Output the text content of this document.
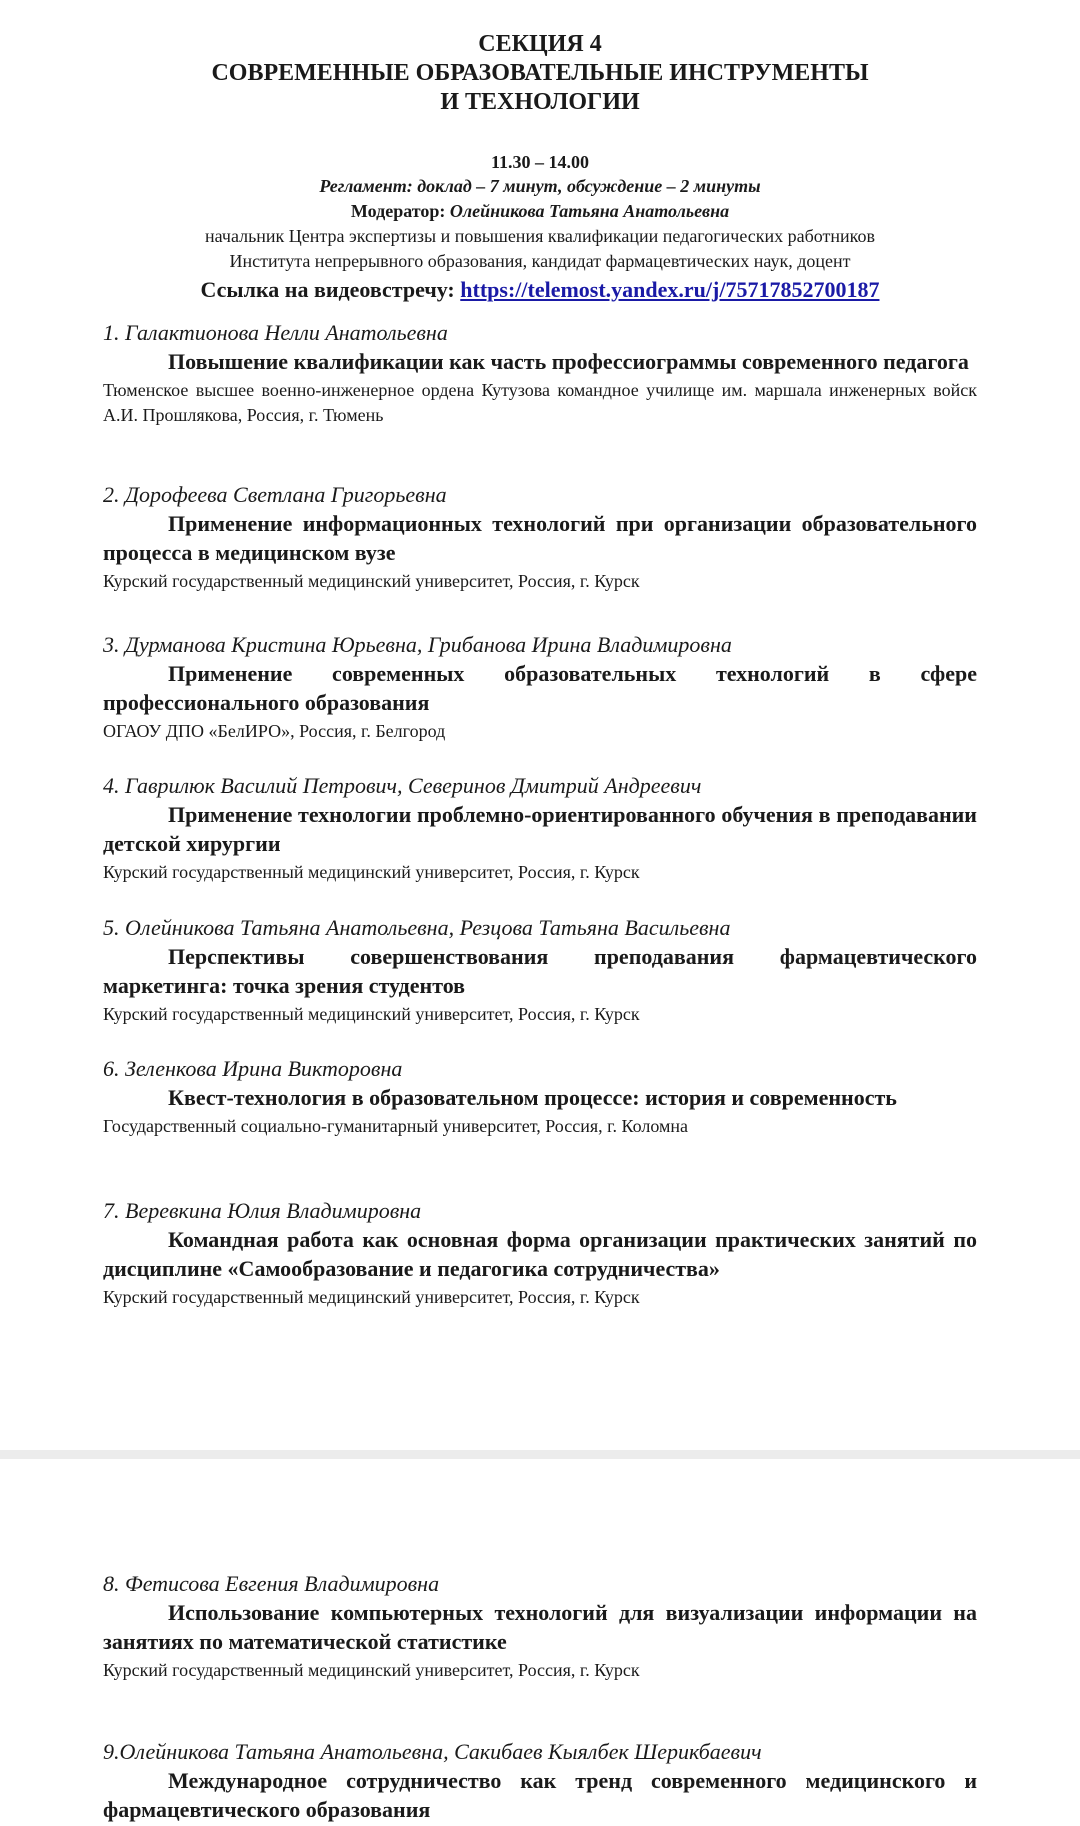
СЕКЦИЯ 4
СОВРЕМЕННЫЕ ОБРАЗОВАТЕЛЬНЫЕ ИНСТРУМЕНТЫ
И ТЕХНОЛОГИИ
11.30 – 14.00
Регламент: доклад – 7 минут, обсуждение – 2 минуты
Модератор: Олейникова Татьяна Анатольевна
начальник Центра экспертизы и повышения квалификации педагогических работников
Института непрерывного образования, кандидат фармацевтических наук, доцент
Ссылка на видеовстречу: https://telemost.yandex.ru/j/75717852700187
1. Галактионова Нелли Анатольевна
Повышение квалификации как часть профессиограммы современного педагога
Тюменское высшее военно-инженерное ордена Кутузова командное училище им. маршала инженерных войск А.И. Прошлякова, Россия, г. Тюмень
2. Дорофеева Светлана Григорьевна
Применение информационных технологий при организации образовательного процесса в медицинском вузе
Курский государственный медицинский университет, Россия, г. Курск
3. Дурманова Кристина Юрьевна, Грибанова Ирина Владимировна
Применение современных образовательных технологий в сфере профессионального образования
ОГАОУ ДПО «БелИРО», Россия, г. Белгород
4. Гаврилюк Василий Петрович, Северинов Дмитрий Андреевич
Применение технологии проблемно-ориентированного обучения в преподавании детской хирургии
Курский государственный медицинский университет, Россия, г. Курск
5. Олейникова Татьяна Анатольевна, Резцова Татьяна Васильевна
Перспективы совершенствования преподавания фармацевтического маркетинга: точка зрения студентов
Курский государственный медицинский университет, Россия, г. Курск
6. Зеленкова Ирина Викторовна
Квест-технология в образовательном процессе: история и современность
Государственный социально-гуманитарный университет, Россия, г. Коломна
7. Веревкина Юлия Владимировна
Командная работа как основная форма организации практических занятий по дисциплине «Самообразование и педагогика сотрудничества»
Курский государственный медицинский университет, Россия, г. Курск
8. Фетисова Евгения Владимировна
Использование компьютерных технологий для визуализации информации на занятиях по математической статистике
Курский государственный медицинский университет, Россия, г. Курск
9.Олейникова Татьяна Анатольевна, Сакибаев Кыялбек Шерикбаевич
Международное сотрудничество как тренд современного медицинского и фармацевтического образования
